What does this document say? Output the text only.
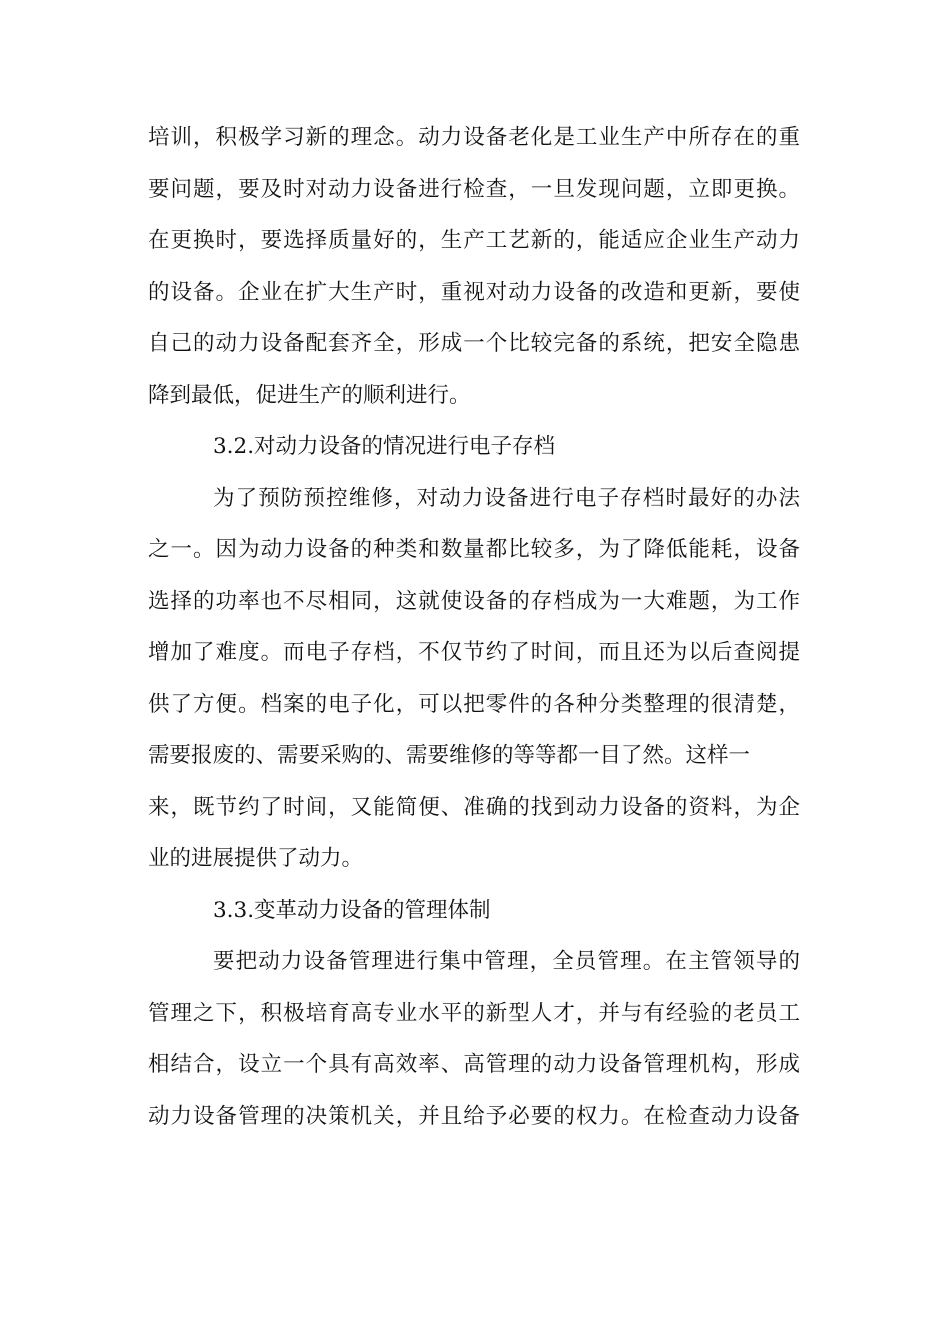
培训，积极学习新的理念。动力设备老化是工业生产中所存在的重
要问题，要及时对动力设备进行检查，一旦发现问题，立即更换。
在更换时，要选择质量好的，生产工艺新的，能适应企业生产动力
的设备。企业在扩大生产时，重视对动力设备的改造和更新，要使
自己的动力设备配套齐全，形成一个比较完备的系统，把安全隐患
降到最低，促进生产的顺利进行。
3.2.对动力设备的情况进行电子存档
为了预防预控维修，对动力设备进行电子存档时最好的办法
之一。因为动力设备的种类和数量都比较多，为了降低能耗，设备
选择的功率也不尽相同，这就使设备的存档成为一大难题，为工作
增加了难度。而电子存档，不仅节约了时间，而且还为以后查阅提
供了方便。档案的电子化，可以把零件的各种分类整理的很清楚，
需要报废的、需要采购的、需要维修的等等都一目了然。这样一
来，既节约了时间，又能简便、准确的找到动力设备的资料，为企
业的进展提供了动力。
3.3.变革动力设备的管理体制
要把动力设备管理进行集中管理，全员管理。在主管领导的
管理之下，积极培育高专业水平的新型人才，并与有经验的老员工
相结合，设立一个具有高效率、高管理的动力设备管理机构，形成
动力设备管理的决策机关，并且给予必要的权力。在检查动力设备
